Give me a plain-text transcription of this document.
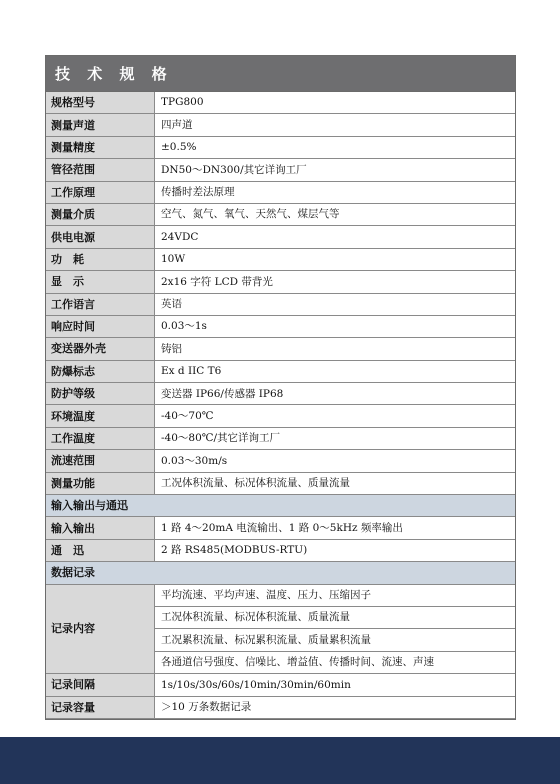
技 术 规 格
规格型号	TPG800
测量声道	四声道
测量精度	±0.5%
管径范围	DN50～DN300/其它详询工厂
工作原理	传播时差法原理
测量介质	空气、氮气、氧气、天然气、煤层气等
供电电源	24VDC
功　耗	10W
显　示	2x16 字符 LCD 带背光
工作语言	英语
响应时间	0.03～1s
变送器外壳	铸铝
防爆标志	Ex d IIC T6
防护等级	变送器 IP66/传感器 IP68
环境温度	-40～70℃
工作温度	-40～80℃/其它详询工厂
流速范围	0.03～30m/s
测量功能	工况体积流量、标况体积流量、质量流量
输入输出与通迅	
输入输出	1 路 4～20mA 电流输出、1 路 0～5kHz 频率输出
通　迅	2 路 RS485(MODBUS-RTU)
数据记录	
记录内容	平均流速、平均声速、温度、压力、压缩因子
	工况体积流量、标况体积流量、质量流量
	工况累积流量、标况累积流量、质量累积流量
	各通道信号强度、信噪比、增益值、传播时间、流速、声速
记录间隔	1s/10s/30s/60s/10min/30min/60min
记录容量	＞10 万条数据记录
